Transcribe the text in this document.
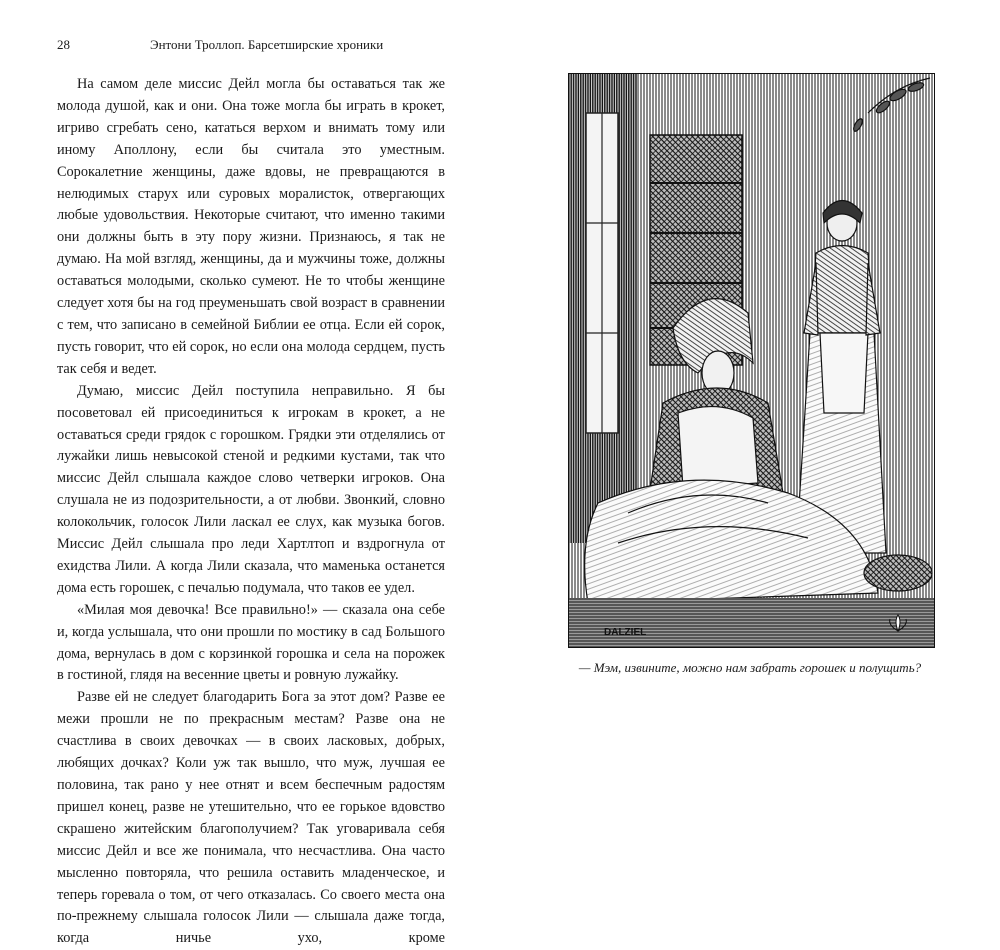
28	Энтони Троллоп. Барсетширские хроники

На самом деле миссис Дейл могла бы оставаться так же молода душой, как и они. Она тоже могла бы играть в крокет, игриво сгребать сено, кататься верхом и внимать тому или иному Аполлону, если бы считала это уместным. Сорокалетние женщины, даже вдовы, не превращаются в нелюдимых старух или суровых моралисток, отвергающих любые удовольствия. Некоторые считают, что именно такими они должны быть в эту пору жизни. Признаюсь, я так не думаю. На мой взгляд, женщины, да и мужчины тоже, должны оставаться молодыми, сколько сумеют. Не то чтобы женщине следует хотя бы на год преуменьшать свой возраст в сравнении с тем, что записано в семейной Библии ее отца. Если ей сорок, пусть говорит, что ей сорок, но если она молода сердцем, пусть так себя и ведет.

Думаю, миссис Дейл поступила неправильно. Я бы посоветовал ей присоединиться к игрокам в крокет, а не оставаться среди грядок с горошком. Грядки эти отделялись от лужайки лишь невысокой стеной и редкими кустами, так что миссис Дейл слышала каждое слово четверки игроков. Она слушала не из подозрительности, а от любви. Звонкий, словно колокольчик, голосок Лили ласкал ее слух, как музыка богов. Миссис Дейл слышала про леди Хартлтоп и вздрогнула от ехидства Лили. А когда Лили сказала, что маменька останется дома есть горошек, с печалью подумала, что таков ее удел.

«Милая моя девочка! Все правильно!» — сказала она себе и, когда услышала, что они прошли по мостику в сад Большого дома, вернулась в дом с корзинкой горошка и села на порожек в гостиной, глядя на весенние цветы и ровную лужайку.

Разве ей не следует благодарить Бога за этот дом? Разве ее межи прошли не по прекрасным местам? Разве она не счастлива в своих девочках — в своих ласковых, добрых, любящих дочках? Коли уж так вышло, что муж, лучшая ее половина, так рано у нее отнят и всем беспечным радостям пришел конец, разве не утешительно, что ее горькое вдовство скрашено житейским благополучием? Так уговаривала себя миссис Дейл и все же понимала, что несчастлива. Она часто мысленно повторяла, что решила оставить младенческое, и теперь горевала о том, от чего отказалась. Со своего места она по-прежнему слышала голосок Лили — слышала даже тогда, когда ничье ухо, кроме

DALZIEL
— Мэм, извините, можно нам забрать горошек и полущить?
